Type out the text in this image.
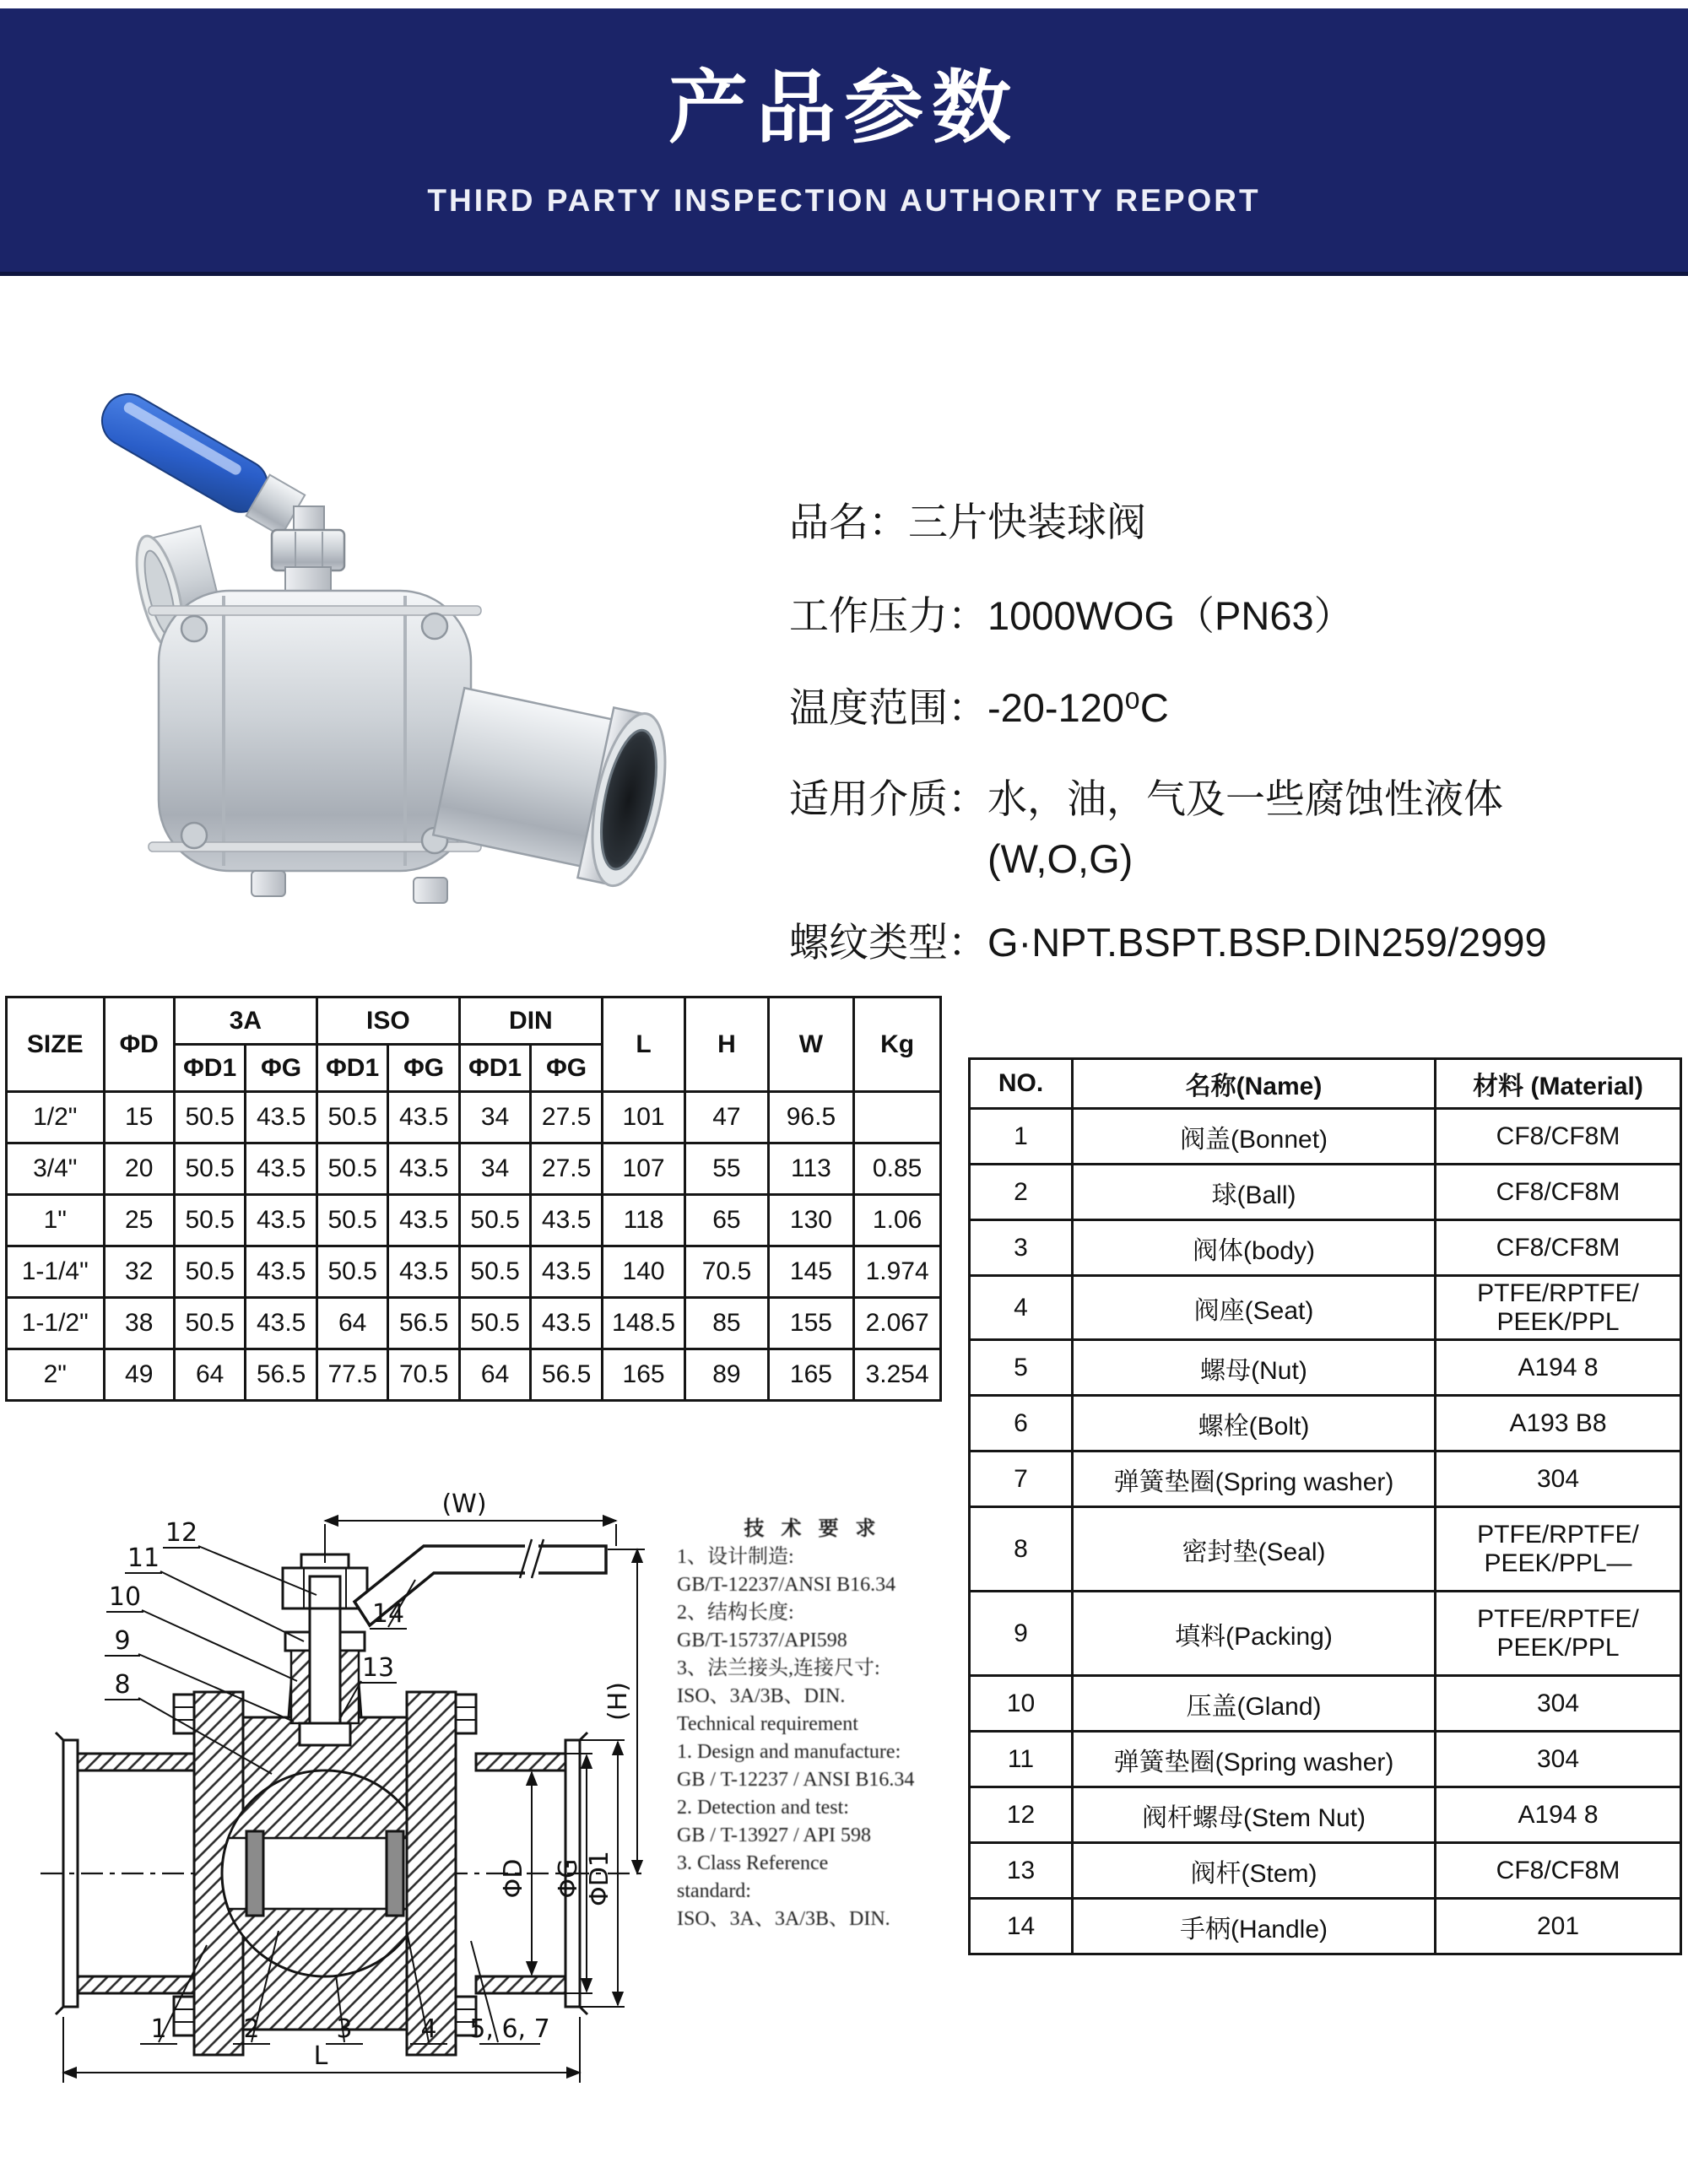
产品参数

THIRD PARTY INSPECTION AUTHORITY REPORT

品名： 三片快装球阀
工作压力： 1000WOG（PN63）
温度范围： -20-120⁰C
适用介质： 水，油，气及一些腐蚀性液体
(W,O,G)
螺纹类型： G·NPT.BSPT.BSP.DIN259/2999
SIZE	ΦD	3A		ISO		DIN		L	H	W	Kg
		ΦD1	ΦG	ΦD1	ΦG	ΦD1	ΦG				
1/2"	15	50.5	43.5	50.5	43.5	34	27.5	101	47	96.5	
3/4"	20	50.5	43.5	50.5	43.5	34	27.5	107	55	113	0.85
1"	25	50.5	43.5	50.5	43.5	50.5	43.5	118	65	130	1.06
1-1/4"	32	50.5	43.5	50.5	43.5	50.5	43.5	140	70.5	145	1.974
1-1/2"	38	50.5	43.5	64	56.5	50.5	43.5	148.5	85	155	2.067
2"	49	64	56.5	77.5	70.5	64	56.5	165	89	165	3.254
NO.	名称(Name)	材料 (Material)
1	阀盖(Bonnet)	CF8/CF8M
2	球(Ball)	CF8/CF8M
3	阀体(body)	CF8/CF8M
4	阀座(Seat)	PTFE/RPTFE/ PEEK/PPL
5	螺母(Nut)	A194 8
6	螺栓(Bolt)	A193 B8
7	弹簧垫圈(Spring washer)	304
8	密封垫(Seal)	PTFE/RPTFE/ PEEK/PPL—
9	填料(Packing)	PTFE/RPTFE/ PEEK/PPL
10	压盖(Gland)	304
11	弹簧垫圈(Spring washer)	304
12	阀杆螺母(Stem Nut)	A194 8
13	阀杆(Stem)	CF8/CF8M
14	手柄(Handle)	201
(W)
(H)
ΦD ΦG ΦD1
L
12
11
10
9
8
14
13
1	2	3	4 5, 6, 7
技 术 要 求
1、设计制造:
GB/T-12237/ANSI B16.34
2、结构长度:
GB/T-15737/API598
3、法兰接头,连接尺寸:
ISO、3A/3B、DIN.
Technical requirement
1. Design and manufacture:
GB / T-12237 / ANSI B16.34
2. Detection and test:
GB / T-13927 / API 598
3. Class Reference
standard:
ISO、3A、3A/3B、DIN.
